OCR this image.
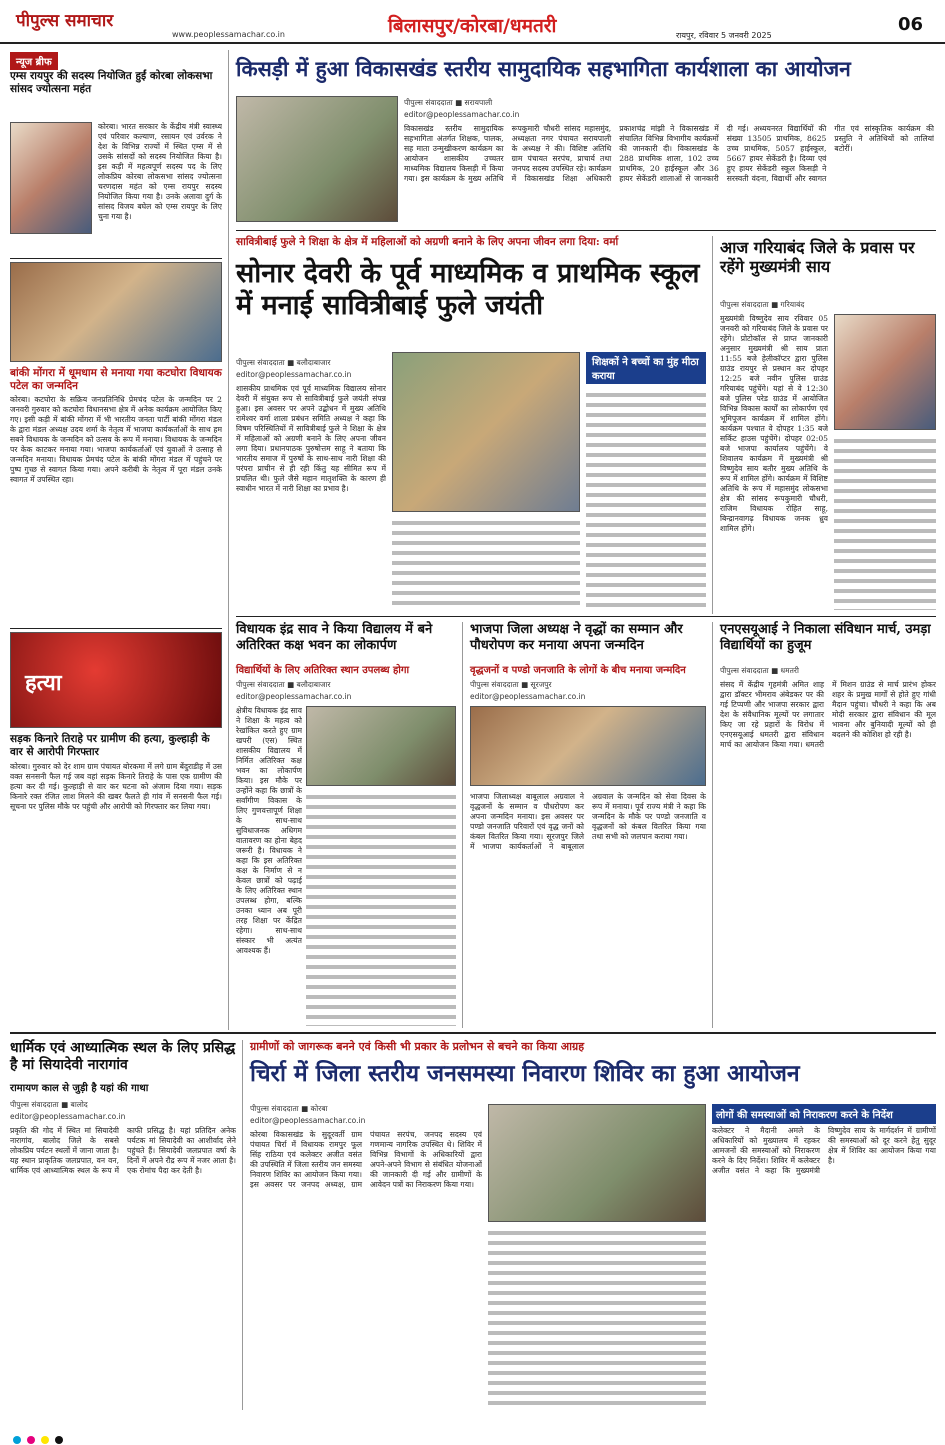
पीपुल्स समाचार
www.peoplessamachar.co.in	बिलासपुर/कोरबा/धमतरी	रायपुर, रविवार 5 जनवरी 2025
06
न्यूज ब्रीफ
एम्स रायपुर की सदस्य नियोजित हुईं कोरबा लोकसभा सांसद ज्योत्सना महंत
कोरबा। भारत सरकार के केंद्रीय मंत्री स्वास्थ्य एवं परिवार कल्याण, रसायन एवं उर्वरक ने देश के विभिन्न राज्यों में स्थित एम्स में से उसके सांसदों को सदस्य नियोजित किया है। इस कड़ी में महत्वपूर्ण सदस्य पद के लिए लोकप्रिय कोरबा लोकसभा सांसद ज्योत्सना चरणदास महंत को एम्स रायपुर सदस्य नियोजित किया गया है। उनके अलावा दुर्ग के सांसद विजय बघेल को एम्स रायपुर के लिए चुना गया है।
बांकी मोंगरा में धूमधाम से मनाया गया कटघोरा विधायक पटेल का जन्मदिन
कोरबा। कटघोरा के सक्रिय जनप्रतिनिधि प्रेमचंद पटेल के जन्मदिन पर 2 जनवरी गुरुवार को कटघोरा विधानसभा क्षेत्र में अनेक कार्यक्रम आयोजित किए गए। इसी कड़ी में बांकी मोंगरा में भी भारतीय जनता पार्टी बांकी मोंगरा मंडल के द्वारा मंडल अध्यक्ष उदय शर्मा के नेतृत्व में भाजपा कार्यकर्ताओं के साथ हम सबने विधायक के जन्मदिन को उत्सव के रूप में मनाया। विधायक के जन्मदिन पर केक काटकर मनाया गया। भाजपा कार्यकर्ताओं एवं युवाओं ने उत्साह से जन्मदिन मनाया। विधायक प्रेमचंद पटेल के बांकी मोंगरा मंडल में पहुंचने पर पुष्प गुच्छ से स्वागत किया गया। अपने करीबी के नेतृत्व में पूरा मंडल उनके स्वागत में उपस्थित रहा।
हत्या
सड़क किनारे तिराहे पर ग्रामीण की हत्या, कुल्हाड़ी के वार से आरोपी गिरफ्तार
कोरबा। गुरुवार को देर शाम ग्राम पंचायत बोरकमा में लगे ग्राम बेंदुराडीह में उस वक्त सनसनी फैल गई जब वहां सड़क किनारे तिराहे के पास एक ग्रामीण की हत्या कर दी गई। कुल्हाड़ी से वार कर घटना को अंजाम दिया गया। सड़क किनारे रक्त रंजित लाश मिलने की खबर फैलते ही गांव में सनसनी फैल गई। सूचना पर पुलिस मौके पर पहुंची और आरोपी को गिरफ्तार कर लिया गया।
किसड़ी में हुआ विकासखंड स्तरीय सामुदायिक सहभागिता कार्यशाला का आयोजन
पीपुल्स संवाददाता ■ सरायपाली
editor@peoplessamachar.co.in
विकासखंड स्तरीय सामुदायिक सहभागिता अंतर्गत शिक्षक, पालक, सह माता उन्मुखीकरण कार्यक्रम का आयोजन शासकीय उच्चतर माध्यमिक विद्यालय किसड़ी में किया गया। इस कार्यक्रम के मुख्य अतिथि रूपकुमारी चौधरी सांसद महासमुंद, अध्यक्षता नगर पंचायत सरायपाली के अध्यक्ष ने की। विशिष्ट अतिथि ग्राम पंचायत सरपंच, प्राचार्य तथा जनपद सदस्य उपस्थित रहे। कार्यक्रम में विकासखंड शिक्षा अधिकारी प्रकाशचंद्र मांझी ने विकासखंड में संचालित विभिन्न विभागीय कार्यक्रमों की जानकारी दी। विकासखंड के 288 प्राथमिक शाला, 102 उच्च प्राथमिक, 20 हाईस्कूल और 36 हायर सेकेंडरी शालाओं से जानकारी दी गई। अध्ययनरत विद्यार्थियों की संख्या 13505 प्राथमिक, 8625 उच्च प्राथमिक, 5057 हाईस्कूल, 5667 हायर सेकेंडरी है। दिव्या एवं हुए हायर सेकेंडरी स्कूल किसड़ी ने सरस्वती वंदना, विद्यार्थी और स्वागत गीत एवं सांस्कृतिक कार्यक्रम की प्रस्तुति ने अतिथियों को तालियां बटोरीं।
सावित्रीबाई फुले ने शिक्षा के क्षेत्र में महिलाओं को अग्रणी बनाने के लिए अपना जीवन लगा दिया: वर्मा
सोनार देवरी के पूर्व माध्यमिक व प्राथमिक स्कूल में मनाई सावित्रीबाई फुले जयंती
पीपुल्स संवाददाता ■ बलौदाबाजार
editor@peoplessamachar.co.in
शासकीय प्राथमिक एवं पूर्व माध्यमिक विद्यालय सोनार देवरी में संयुक्त रूप से सावित्रीबाई फुले जयंती संपन्न हुआ। इस अवसर पर अपने उद्बोधन में मुख्य अतिथि रामेश्वर वर्मा शाला प्रबंधन समिति अध्यक्ष ने कहा कि विषम परिस्थितियों में सावित्रीबाई फुले ने शिक्षा के क्षेत्र में महिलाओं को अग्रणी बनाने के लिए अपना जीवन लगा दिया। प्रधानपाठक पुरुषोत्तम साहू ने बताया कि भारतीय समाज में पुरुषों के साथ-साथ नारी शिक्षा की परंपरा प्राचीन से ही रही किंतु यह सीमित रूप में प्रचलित थी। फुले जैसे महान मातृशक्ति के कारण ही स्वाधीन भारत में नारी शिक्षा का प्रभाव है।
शिक्षकों ने बच्चों का मुंह मीठा कराया
आज गरियाबंद जिले के प्रवास पर रहेंगे मुख्यमंत्री साय
पीपुल्स संवाददाता ■ गरियाबंद
मुख्यमंत्री विष्णुदेव साय रविवार 05 जनवरी को गरियाबंद जिले के प्रवास पर रहेंगे। प्रोटोकॉल से प्राप्त जानकारी अनुसार मुख्यमंत्री श्री साय प्रातः 11:55 बजे हेलीकॉप्टर द्वारा पुलिस ग्राउंड रायपुर से प्रस्थान कर दोपहर 12:25 बजे नवीन पुलिस ग्राउंड गरियाबंद पहुंचेंगे। यहां से वे 12:30 बजे पुलिस परेड ग्राउंड में आयोजित विभिन्न विकास कार्यों का लोकार्पण एवं भूमिपूजन कार्यक्रम में शामिल होंगे। कार्यक्रम पश्चात वे दोपहर 1:35 बजे सर्किट हाउस पहुंचेंगे। दोपहर 02:05 बजे भाजपा कार्यालय पहुंचेंगे। वे शिवालय कार्यक्रम में मुख्यमंत्री श्री विष्णुदेव साय बतौर मुख्य अतिथि के रूप में शामिल होंगे। कार्यक्रम में विशिष्ट अतिथि के रूप में महासमुंद लोकसभा क्षेत्र की सांसद रूपकुमारी चौधरी, राजिम विधायक रोहित साहू, बिन्द्रानवागढ़ विधायक जनक ध्रुव शामिल होंगे।
विधायक इंद्र साव ने किया विद्यालय में बने अतिरिक्त कक्ष भवन का लोकार्पण
विद्यार्थियों के लिए अतिरिक्त स्थान उपलब्ध होगा
पीपुल्स संवाददाता ■ बलौदाबाजार
editor@peoplessamachar.co.in
क्षेत्रीय विधायक इंद्र साव ने शिक्षा के महत्व को रेखांकित करते हुए ग्राम खपरी (एस) स्थित शासकीय विद्यालय में निर्मित अतिरिक्त कक्ष भवन का लोकार्पण किया। इस मौके पर उन्होंने कहा कि छात्रों के सर्वांगीण विकास के लिए गुणवत्तापूर्ण शिक्षा के साथ-साथ सुविधाजनक अधिगम वातावरण का होना बेहद जरूरी है। विधायक ने कहा कि इस अतिरिक्त कक्ष के निर्माण से न केवल छात्रों को पढ़ाई के लिए अतिरिक्त स्थान उपलब्ध होगा, बल्कि उनका ध्यान अब पूरी तरह शिक्षा पर केंद्रित रहेगा। साथ-साथ संस्कार भी अत्यंत आवश्यक हैं।
भाजपा जिला अध्यक्ष ने वृद्धों का सम्मान और पौधरोपण कर मनाया अपना जन्मदिन
वृद्धजनों व पण्डो जनजाति के लोगों के बीच मनाया जन्मदिन
पीपुल्स संवाददाता ■ सूरजपुर
editor@peoplessamachar.co.in
भाजपा जिलाध्यक्ष बाबूलाल अग्रवाल ने वृद्धजनों के सम्मान व पौधरोपण कर अपना जन्मदिन मनाया। इस अवसर पर पण्डो जनजाति परिवारों एवं वृद्ध जनों को कंबल वितरित किया गया। सूरजपुर जिले में भाजपा कार्यकर्ताओं ने बाबूलाल अग्रवाल के जन्मदिन को सेवा दिवस के रूप में मनाया। पूर्व राज्य मंत्री ने कहा कि जन्मदिन के मौके पर पण्डो जनजाति व वृद्धजनों को कंबल वितरित किया गया तथा सभी को जलपान कराया गया।
एनएसयूआई ने निकाला संविधान मार्च, उमड़ा विद्यार्थियों का हुजूम
पीपुल्स संवाददाता ■ धमतरी
संसद में केंद्रीय गृहमंत्री अमित शाह द्वारा डॉक्टर भीमराव अंबेडकर पर की गई टिप्पणी और भाजपा सरकार द्वारा देश के संवैधानिक मूल्यों पर लगातार किए जा रहे प्रहारों के विरोध में एनएसयूआई धमतरी द्वारा संविधान मार्च का आयोजन किया गया। धमतरी में मिशन ग्राउंड से मार्च प्रारंभ होकर शहर के प्रमुख मार्गों से होते हुए गांधी मैदान पहुंचा। चौधरी ने कहा कि अब मोदी सरकार द्वारा संविधान की मूल भावना और बुनियादी मूल्यों को ही बदलने की कोशिश हो रही है।
धार्मिक एवं आध्यात्मिक स्थल के लिए प्रसिद्ध है मां सियादेवी नारागांव
रामायण काल से जुड़ी है यहां की गाथा
पीपुल्स संवाददाता ■ बालोद
editor@peoplessamachar.co.in
प्रकृति की गोद में स्थित मां सियादेवी नारागांव, बालोद जिले के सबसे लोकप्रिय पर्यटन स्थलों में जाना जाता है। यह स्थान प्राकृतिक जलप्रपात, वन वन, धार्मिक एवं आध्यात्मिक स्थल के रूप में काफी प्रसिद्ध है। यहां प्रतिदिन अनेक पर्यटक मां सियादेवी का आशीर्वाद लेने पहुंचते हैं। सियादेवी जलप्रपात वर्षा के दिनों में अपने रौद्र रूप में नजर आता है। एक रोमांच पैदा कर देती है।
ग्रामीणों को जागरूक बनने एवं किसी भी प्रकार के प्रलोभन से बचने का किया आग्रह
चिर्रा में जिला स्तरीय जनसमस्या निवारण शिविर का हुआ आयोजन
पीपुल्स संवाददाता ■ कोरबा
editor@peoplessamachar.co.in
कोरबा विकासखंड के सुदूरवर्ती ग्राम पंचायत चिर्रा में विधायक रामपुर फूल सिंह राठिया एवं कलेक्टर अजीत वसंत की उपस्थिति में जिला स्तरीय जन समस्या निवारण शिविर का आयोजन किया गया। इस अवसर पर जनपद अध्यक्ष, ग्राम पंचायत सरपंच, जनपद सदस्य एवं गणमान्य नागरिक उपस्थित थे। शिविर में विभिन्न विभागों के अधिकारियों द्वारा अपने-अपने विभाग से संबंधित योजनाओं की जानकारी दी गई और ग्रामीणों के आवेदन पत्रों का निराकरण किया गया।
लोगों की समस्याओं को निराकरण करने के निर्देश
कलेक्टर ने मैदानी अमले के अधिकारियों को मुख्यालय में रहकर आमजनों की समस्याओं को निराकरण करने के दिए निर्देश। शिविर में कलेक्टर अजीत वसंत ने कहा कि मुख्यमंत्री विष्णुदेव साय के मार्गदर्शन में ग्रामीणों की समस्याओं को दूर करने हेतु सुदूर क्षेत्र में शिविर का आयोजन किया गया है।
